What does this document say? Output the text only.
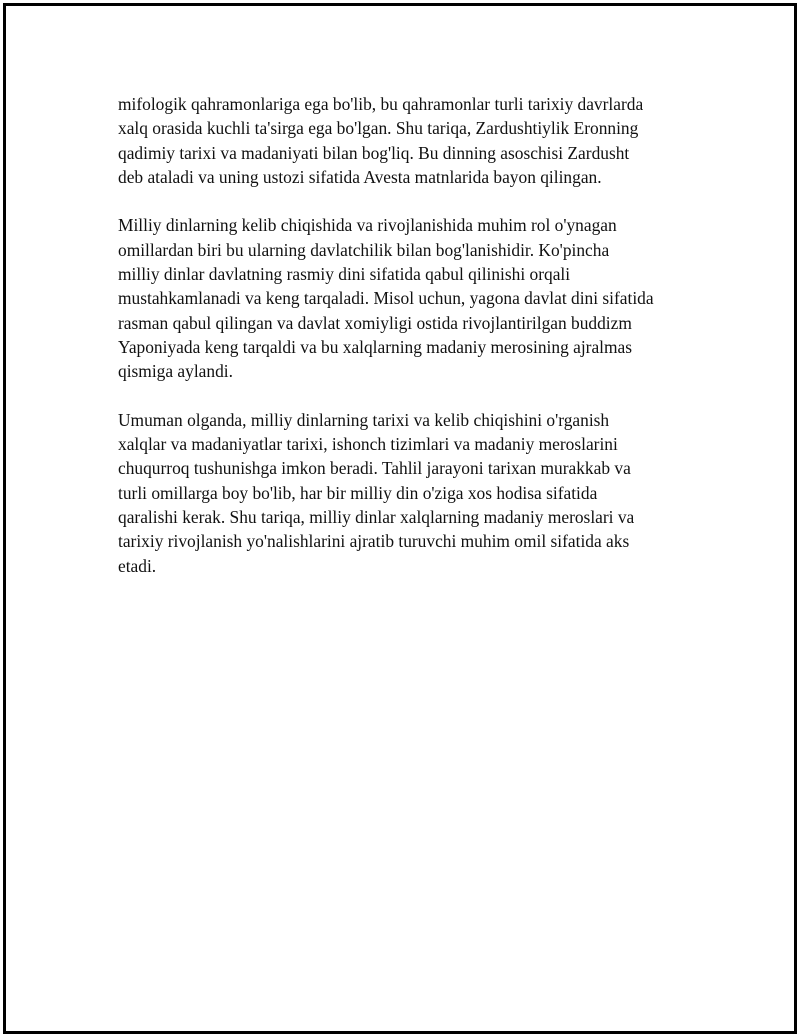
mifologik qahramonlariga ega bo'lib, bu qahramonlar turli tarixiy davrlarda
xalq orasida kuchli ta'sirga ega bo'lgan. Shu tariqa, Zardushtiylik Eronning
qadimiy tarixi va madaniyati bilan bog'liq. Bu dinning asoschisi Zardusht
deb ataladi va uning ustozi sifatida Avesta matnlarida bayon qilingan.

Milliy dinlarning kelib chiqishida va rivojlanishida muhim rol o'ynagan
omillardan biri bu ularning davlatchilik bilan bog'lanishidir. Ko'pincha
milliy dinlar davlatning rasmiy dini sifatida qabul qilinishi orqali
mustahkamlanadi va keng tarqaladi. Misol uchun, yagona davlat dini sifatida
rasman qabul qilingan va davlat xomiyligi ostida rivojlantirilgan buddizm
Yaponiyada keng tarqaldi va bu xalqlarning madaniy merosining ajralmas
qismiga aylandi.

Umuman olganda, milliy dinlarning tarixi va kelib chiqishini o'rganish
xalqlar va madaniyatlar tarixi, ishonch tizimlari va madaniy meroslarini
chuqurroq tushunishga imkon beradi. Tahlil jarayoni tarixan murakkab va
turli omillarga boy bo'lib, har bir milliy din o'ziga xos hodisa sifatida
qaralishi kerak. Shu tariqa, milliy dinlar xalqlarning madaniy meroslari va
tarixiy rivojlanish yo'nalishlarini ajratib turuvchi muhim omil sifatida aks
etadi.
